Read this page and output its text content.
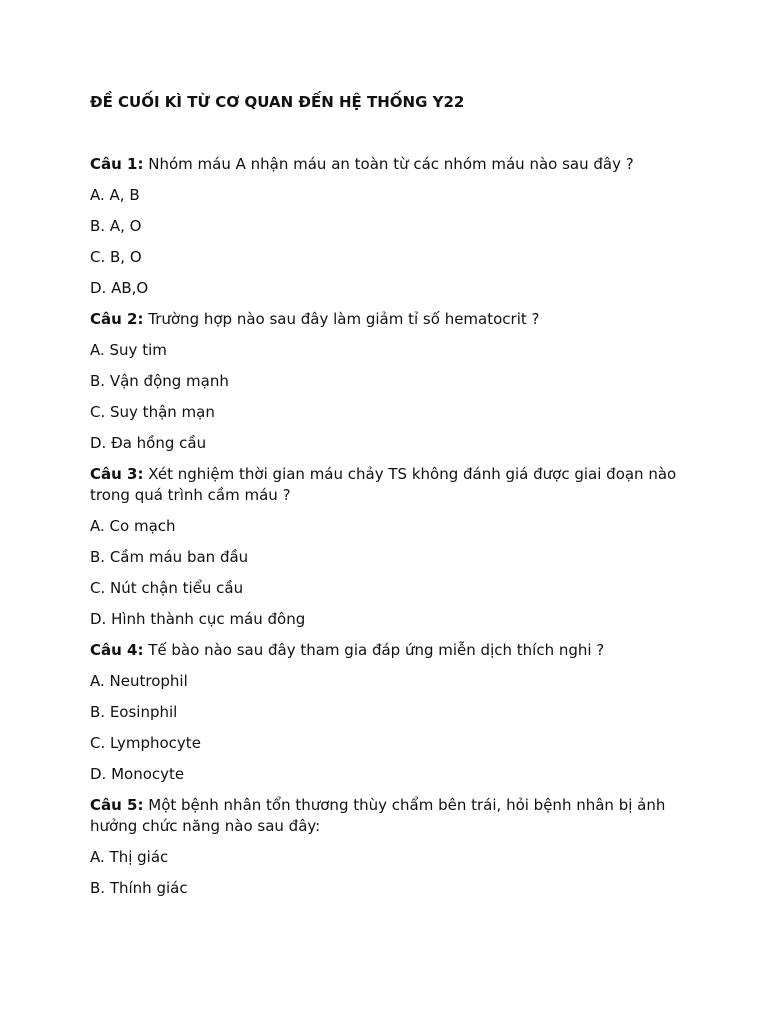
ĐỀ CUỐI KÌ TỪ CƠ QUAN ĐẾN HỆ THỐNG Y22
Câu 1: Nhóm máu A nhận máu an toàn từ các nhóm máu nào sau đây ?
A. A, B
B. A, O
C. B, O
D. AB,O
Câu 2: Trường hợp nào sau đây làm giảm tỉ số hematocrit ?
A. Suy tim
B. Vận động mạnh
C. Suy thận mạn
D. Đa hồng cầu
Câu 3: Xét nghiệm thời gian máu chảy TS không đánh giá được giai đoạn nào trong quá trình cầm máu ?
A. Co mạch
B. Cầm máu ban đầu
C. Nút chận tiểu cầu
D. Hình thành cục máu đông
Câu 4: Tế bào nào sau đây tham gia đáp ứng miễn dịch thích nghi ?
A. Neutrophil
B. Eosinphil
C. Lymphocyte
D. Monocyte
Câu 5: Một bệnh nhân tổn thương thùy chẩm bên trái, hỏi bệnh nhân bị ảnh hưởng chức năng nào sau đây:
A. Thị giác
B. Thính giác
